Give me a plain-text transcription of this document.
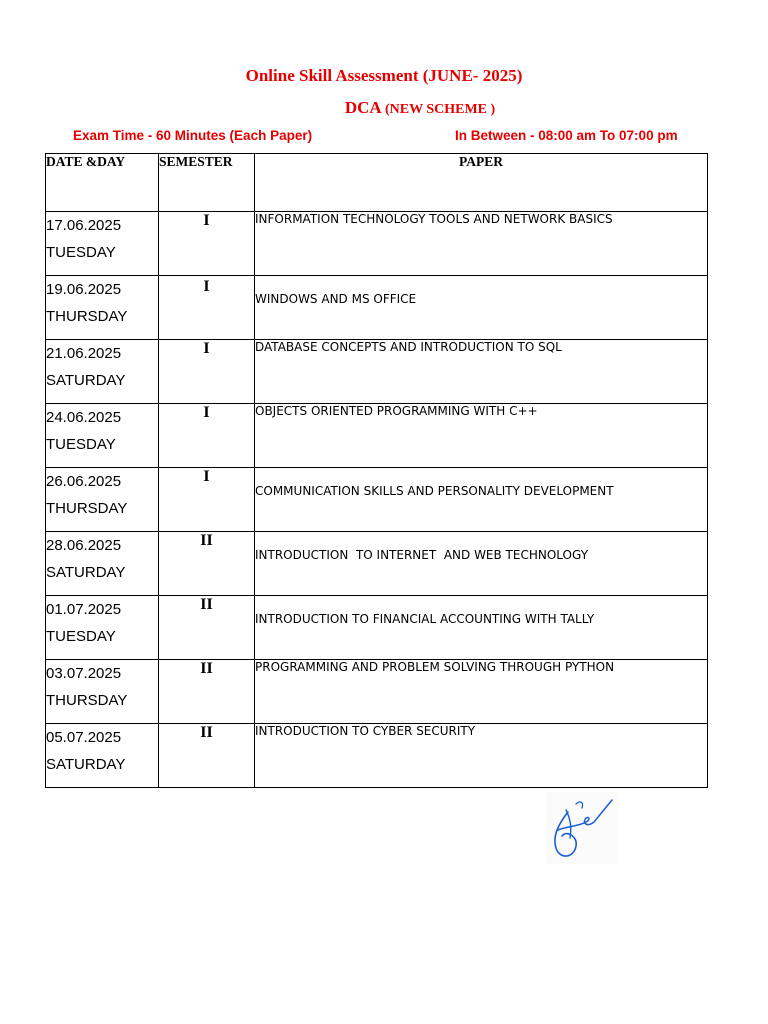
Online Skill Assessment (JUNE- 2025)
DCA (NEW SCHEME )
Exam Time - 60 Minutes (Each Paper)	In Between - 08:00 am To 07:00 pm
DATE &DAY	SEMESTER	PAPER

17.06.2025
TUESDAY	I	INFORMATION TECHNOLOGY TOOLS AND NETWORK BASICS

19.06.2025
THURSDAY	I	WINDOWS AND MS OFFICE

21.06.2025
SATURDAY	I	DATABASE CONCEPTS AND INTRODUCTION TO SQL

24.06.2025
TUESDAY	I	OBJECTS ORIENTED PROGRAMMING WITH C++

26.06.2025
THURSDAY	I	COMMUNICATION SKILLS AND PERSONALITY DEVELOPMENT

28.06.2025
SATURDAY	II	INTRODUCTION  TO INTERNET  AND WEB TECHNOLOGY

01.07.2025
TUESDAY	II	INTRODUCTION TO FINANCIAL ACCOUNTING WITH TALLY

03.07.2025
THURSDAY	II	PROGRAMMING AND PROBLEM SOLVING THROUGH PYTHON

05.07.2025
SATURDAY	II	INTRODUCTION TO CYBER SECURITY
